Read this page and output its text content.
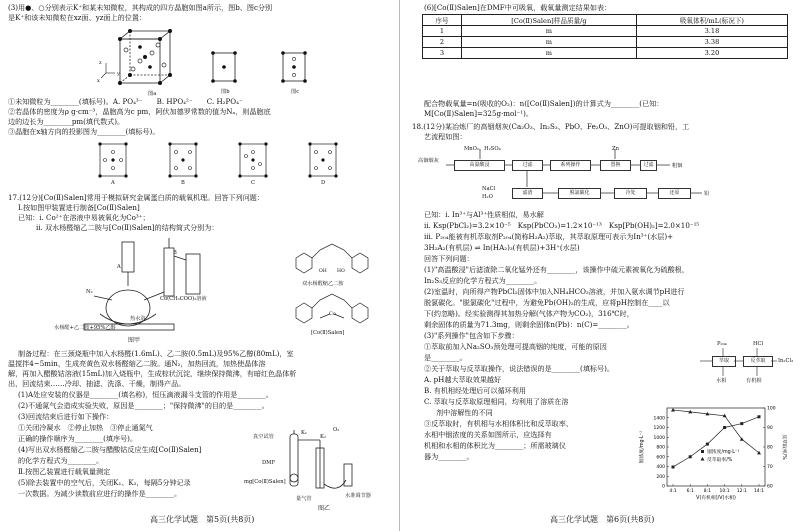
(3)用●、○分别表示K⁺和某未知微粒，其构成的四方晶胞如图a所示，图b、图c分别
是K⁺和该未知微粒在xz面、yz面上的位置：
z
y
x
图a	图b	图c
①未知微粒为________(填标号)。A. PO₄³⁻　　B. HPO₄²⁻　　C. H₂PO₄⁻
②若晶体的密度为ρ g·cm⁻³，晶胞高为c pm，阿伏加德罗常数的值为Nₐ，则晶胞底
边的边长为________pm(填代数式)。
③晶胞在x轴方向的投影图为________(填标号)。
A	B	C	D
17.(12分)[Co(Ⅱ)Salen]常用于模拟研究金属蛋白质的载氧机理。回答下列问题：
Ⅰ.按如图甲装置进行制备[Co(Ⅱ)Salen]
已知：ⅰ. Co²⁺在溶液中易被氧化为Co³⁺；
ⅱ. 双水杨醛缩乙二胺与[Co(Ⅱ)Salen]的结构简式分别为：
A
N₂
Co(CH₃COO)₂溶液
B
热水浴
水杨醛+乙二胺+95%乙醇
图甲
OH HO
Co
双水杨醛缩乙二胺
[Co(Ⅱ)Salen]
制备过程：在三颈烧瓶中加入水杨醛(1.6mL)、乙二胺(0.5mL)及95%乙醇(80mL)，室
温搅拌4~5min，生成亮黄色双水杨醛缩乙二胺。通N₂，加热回流，加热使晶体溶
解，再加入醋酸钴溶液(15mL)加入烧瓶中，生成棕状沉淀，继续保持微沸，有暗红色晶体析
出，回流结束……冷却、抽滤、洗涤、干燥，制得产品。
(1)A处应安装的仪器是________(填名称)，恒压滴液漏斗支管的作用是________。
(2)不通氮气会造成实验失败，原因是________；"保持微沸"的目的是________。
(3)回流结束后进行如下操作：
①关闭冷凝水　②停止加热　③停止通氮气
正确的操作顺序为________(填序号)。
(4)写出双水杨醛缩乙二胺与醋酸钴反应生成[Co(Ⅱ)Salen]
的化学方程式为________。
Ⅱ.按图乙装置进行载氧量测定
(5)除去装置中的空气后，关闭K₁、K₂，每隔5分钟记录
一次数据。为减少读数前应进行的操作是________。
真空试管
DMF
mg[Co(Ⅱ)Salen]
量气管	水准调节器
K₁
K₂
O₂
图乙
高三化学试题　第5页(共8页)
(6)[Co(Ⅱ)Salen]在DMF中可吸氧，载氧量测定结果如表：
序号	[Co(Ⅱ)Salen]样品质量/g	吸氧体积/mL(标况下)
1	m	3.18
2	m	3.38
3	m	3.20
配合物载氧量=n(吸收的O₂)：n([Co(Ⅱ)Salen])的计算式为________(已知：
M[Co(Ⅱ)Salen]=325g·mol⁻¹)。
18.(12分)某冶炼厂的高铟烟灰(Ca₂O₃、In₂S₃、PbO、Fe₂O₃、ZnO)可提取铟和铅，工
艺流程如图：
高铟烟灰
高温酸浸	过滤	系列操作	置换	过滤	粗铟
滤渣
NaCl
H₂O
脱氯碳化	冷处	还原	铅
MnO₂、H₂SO₄	Zn
已知：ⅰ. In³⁺与Al³⁺性质相似，易水解
ⅱ. Ksp(PbCl₂)=3.2×10⁻⁵　Ksp(PbCO₃)=1.2×10⁻¹³　Ksp[Pb(OH)₂]=2.0×10⁻¹⁵
ⅲ. P₂₀₄能被有机萃取剂P₂₀₄(简称H₂A₂)萃取，其萃取原理可表示为In³⁺(水层)+
3H₂A₂(有机层) ⇌ In(HA₂)₃(有机层)+3H⁺(水层)
回答下列问题：
(1)"高温酸浸"后滤渣除二氧化锰外还有________，该操作中硫元素被氧化为硫酸根，
In₂S₃反应的化学方程式为________。
(2)室温时，向所得产物PbCl₂固体中加入NH₄HCO₃溶液，并加入氨水调节pH进行
脱氯碳化。"脱氯碳化"过程中，为避免Pb(OH)₂的生成，应将pH控制在____以
下(约忽略)。经实验测得其加热分解(气体产物为CO₂)，316℃时，
剩余固体的质量为71.3mg，则剩余固体n(Pb)：n(C)=________。
(3)"系列操作"包含如下步骤：
①萃取前加入Na₂SO₃预处理可提高铟的纯度，可能的原因
是________。
②关于萃取与反萃取操作，说法错误的是________(填标号)。
A. pH越大萃取效果越好
B. 有机相经处理后可以循环利用
C. 萃取与反萃取原理相同，均利用了溶质在溶
剂中溶解性的不同
③反萃取时，有机相与水相体积比和反萃取率、
水相中铟浓度的关系如图所示，应选择有
机相和水相的体积比为________；所需玻璃仪
器为________。
萃取	反萃取	In₂Cl₃
P₂₀₄	HCl
水相	有机相
0
200
400
600
800
1000
1200
1400
60
70
80
90
100
4:1 6:1 8:1 10:1 12:1 14:1
铟浓度/mg·L⁻¹
反萃取率/%
V(有机相)/V(水相)
铟浓度/mg·L⁻¹	反萃取率/%
高三化学试题　第6页(共8页)
